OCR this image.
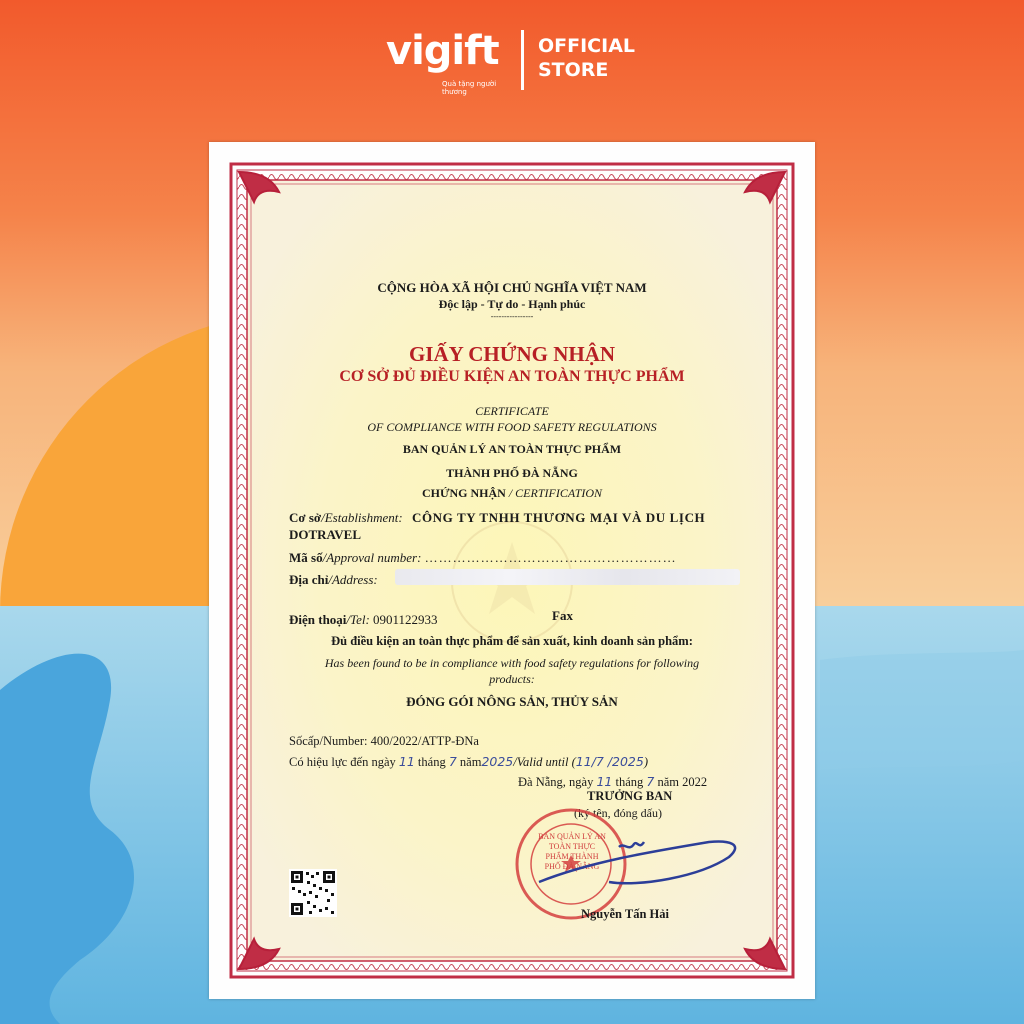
vigift
Quà tặng người thương
OFFICIAL STORE
CỘNG HÒA XÃ HỘI CHỦ NGHĨA VIỆT NAM
Độc lập - Tự do - Hạnh phúc
----------------
GIẤY CHỨNG NHẬN
CƠ SỞ ĐỦ ĐIỀU KIỆN AN TOÀN THỰC PHẨM
CERTIFICATE
OF COMPLIANCE WITH FOOD SAFETY REGULATIONS
BAN QUẢN LÝ AN TOÀN THỰC PHẨM
THÀNH PHỐ ĐÀ NẴNG
CHỨNG NHẬN / CERTIFICATION
Cơ sở/Establishment: CÔNG TY TNHH THƯƠNG MẠI VÀ DU LỊCH
DOTRAVEL
Mã số/Approval number: ………………………………………………
Địa chỉ/Address:
Điện thoại/Tel: 0901122933	Fax
Đủ điều kiện an toàn thực phẩm để sản xuất, kinh doanh sản phẩm:
Has been found to be in compliance with food safety regulations for following
products:
ĐÓNG GÓI NÔNG SẢN, THỦY SẢN
Sốcấp/Number: 400/2022/ATTP-ĐNa
Có hiệu lực đến ngày 11 tháng 7 năm2025/Valid until (11/7 /2025)
Đà Nẵng, ngày 11 tháng 7 năm 2022
TRƯỞNG BAN
(ký tên, đóng dấu)
BAN QUẢN LÝ AN TOÀN THỰC PHẨM THÀNH PHỐ ĐÀ NẴNG
Nguyễn Tấn Hải
